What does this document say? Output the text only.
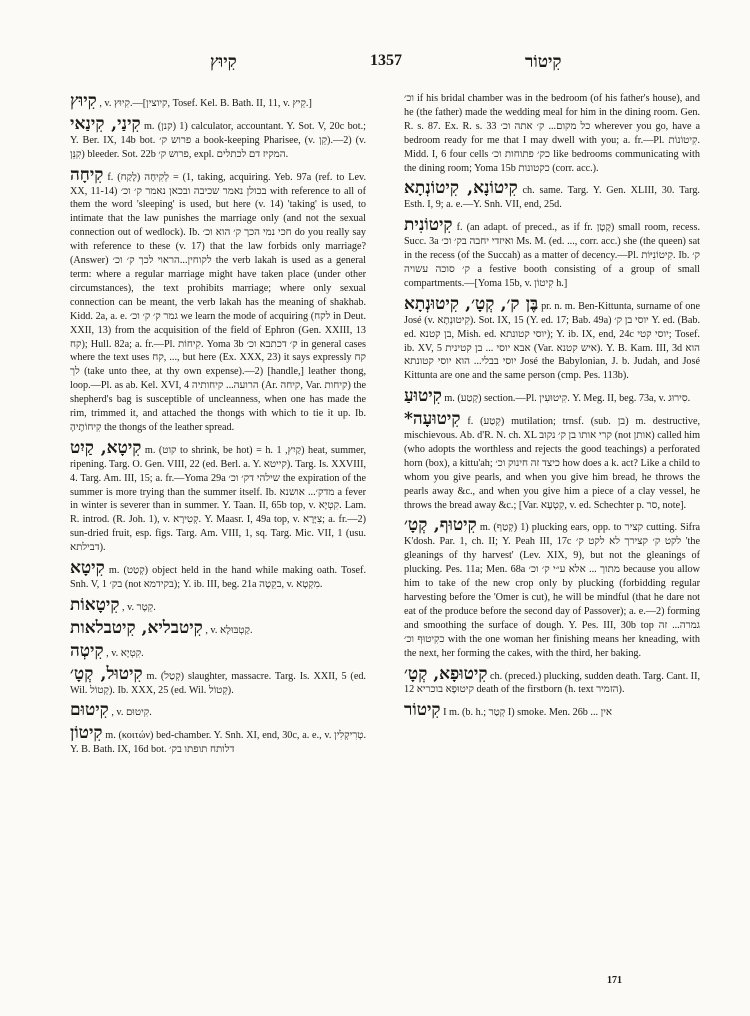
קִיוּץ	1357	קִיטוֹר

קִיוּץ , v. קִיוּץ.—[קיוצין, Tosef. Kel. B. Bath. II, 11, v. קֵיץ.]

קִינַי, קִינַאי m. (קנן) 1) calculator, accountant. Y. Sot. V, 20c bot.; Y. Ber. IX, 14b bot. פרוש ק׳ a book-keeping Pharisee, (v. קֵן).—2) (v. קִנֵּן) bleeder. Sot. 22b פרוש ק׳, expl. המקיז דם לכתלים.

קִיחָה f. (לָקַח) 1) = לְקִיחָה, taking, acquiring. Yeb. 97a (ref. to Lev. XX, 11-14) בכולן נאמר שכיבה ובכאן נאמר ק׳ וכ׳ with reference to all of them the word 'sleeping' is used, but here (v. 14) 'taking' is used, to intimate that the law punishes the marriage only (and not the sexual connection out of wedlock). Ib. חכי נמי הכך ק׳ הוא וכ׳ do you really say with reference to these (v. 17) that the law forbids only marriage? (Answer) לקוחין...הראוי לכך ק׳ וכ׳ the verb lakah is used as a general term: where a regular marriage might have taken place (under other circumstances), the text prohibits marriage; where only sexual connection can be meant, the verb lakah has the meaning of shakhab. Kidd. 2a, a. e. גמר ק׳ ק׳ וכ׳ we learn the mode of acquiring (לקח in Deut. XXII, 13) from the acquisition of the field of Ephron (Gen. XXIII, 13 קח); Hull. 82a; a. fr.—Pl. קִיחוֹת. Yoma 3b ק׳ דכתבא וכ׳ in general cases where the text uses קח, ..., but here (Ex. XXX, 23) it says expressly קח לך (take unto thee, at thy own expense).—2) [handle,] leather thong, loop.—Pl. as ab. Kel. XVI, 4 הרועה... קיחותיה (Ar. קיחה, Var. קיחות) the shepherd's bag is susceptible of uncleanness, when one has made the rim, trimmed it, and attached the thongs with which to tie it up. Ib. קִיחוֹתֶיהָ the thongs of the leather spread.

קִיטָא, קַיִט m. (קוט to shrink, be hot) = h. קַיִץ, 1) heat, summer, ripening. Targ. O. Gen. VIII, 22 (ed. Berl. a. Y. קייטא). Targ. Is. XXVIII, 4. Targ. Am. III, 15; a. fr.—Yoma 29a שילהי דק׳ וכ׳ the expiration of the summer is more trying than the summer itself. Ib. מדק׳... אושנא a fever in winter is severer than in summer. Y. Taan. II, 65b top, v. קִטְיָא. Lam. R. introd. (R. Joh. 1), v. קְטִירָא. Y. Maasr. I, 49a top, v. צִיָּרָא; a. fr.—2) sun-dried fruit, esp. figs. Targ. Am. VIII, 1, sq. Targ. Mic. VII, 1 (usu. דבילתא).

קִיטָא m. (קְטַט) object held in the hand while making oath. Tosef. Snh. V, 1 בק׳ (not בקידמא); Y. ib. III, beg. 21a בקֵטָה, v. מִקְטָא.

קִיטָאוֹת , v. קֵטֶר.

קִיטבליא, קִיטבלאות , v. קַטְבּוּלָא.

קִיטְה , v. קִטְיָא.

קִיטוּל, קְטָ׳ m. (קְטַל) slaughter, massacre. Targ. Is. XXII, 5 (ed. Wil. קְטוֹל). Ib. XXX, 25 (ed. Wil. קְטוֹל).

קִיטוּם , v. קִיטוּם.

קִיטוֹן m. (κοιτών) bed-chamber. Y. Snh. XI, end, 30c, a. e., v. טְרִיקְלִין. Y. B. Bath. IX, 16d bot. דלותח תופתו בק׳

וכ׳ if his bridal chamber was in the bedroom (of his father's house), and he (the father) made the wedding meal for him in the dining room. Gen. R. s. 87. Ex. R. s. 33 כל מקום... ק׳ אתה וכ׳ wherever you go, have a bedroom ready for me that I may dwell with you; a. fr.—Pl. קִיטוֹנוֹת. Midd. I, 6 four cells כק׳ פתוחות וכ׳ like bedrooms communicating with the dining room; Yoma 15b כקטונות (corr. acc.).

קִיטוֹנָא, קִיטוֹנְתָא ch. same. Targ. Y. Gen. XLIII, 30. Targ. Esth. I, 9; a. e.—Y. Snh. VII, end, 25d.

קִיטוֹנִית f. (an adapt. of preced., as if fr. קָטָן) small room, recess. Succ. 3a ואיזדי יחבה בק׳ וכ׳ Ms. M. (ed. ..., corr. acc.) she (the queen) sat in the recess (of the Succah) as a matter of decency.—Pl. קִיטוֹנִיּוֹת. Ib. ק׳ ק׳ סוכה עשויה a festive booth consisting of a group of small compartments.—[Yoma 15b, v. קִיטוֹן h.]

בֶּן ק׳, קְטָ׳, קִיטוּנְתָא pr. n. m. Ben-Kittunta, surname of one José (v. קִיטוּנְתָא). Sot. IX, 15 (Y. ed. 17; Bab. 49a) יוסי בן ק׳ Y. ed. (Bab. ed. בן קטנא, Mish. ed. יוסי קטונתא); Y. ib. IX, end, 24c יוסי קטי; Tosef. ib. XV, 5 אבא יוסי ... בן קטינית (Var. איש קטנא). Y. B. Kam. III, 3d הוא יוסי בבלי... הוא יוסי קטונתא José the Babylonian, J. b. Judah, and José Kittunta are one and the same person (cmp. Pes. 113b).

קִיטוּעַ m. (קְטַע) section.—Pl. קִיטוּעִין. Y. Meg. II, beg. 73a, v. סִירוּג.

*קִיטוּעָה f. (קְטַע) mutilation; trnsf. (sub. בן) m. destructive, mischievous. Ab. d'R. N. ch. XL קרי אותו בן ק׳ נקוב (not אותן) called him (who adopts the worthless and rejects the good teachings) a perforated horn (box), a kittu'ah; כיצד זה חינוק וכ׳ how does a k. act? Like a child to whom you give pearls, and when you give him bread, he throws the pearls away &c., and when you give him a piece of a clay vessel, he throws the bread away &c.; [Var. קִטְעָא, v. ed. Schechter p. סר, note].

קִיטוּף, קְטָ׳ m. (קְטַף) 1) plucking ears, opp. to קציר cutting. Sifra K'dosh. Par. 1, ch. II; Y. Peah III, 17c לקט ק׳ קצירך לא לקט ק׳ 'the gleanings of thy harvest' (Lev. XIX, 9), but not the gleanings of plucking. Pes. 11a; Men. 68a מתוך ... אלא ע״י ק׳ וכ׳ because you allow him to take of the new crop only by plucking (forbidding regular harvesting before the 'Omer is cut), he will be mindful (that he dare not eat of the produce before the second day of Passover); a. e.—2) forming and smoothing the surface of dough. Y. Pes. III, 30b top גמרה... זה כקִיטוּף וכ׳ with the one woman her finishing means her kneading, with the next, her forming the cakes, with the third, her baking.

קִיטוּפָא, קְטָ׳ ch. (preced.) plucking, sudden death. Targ. Cant. II, 12 קיטוּפָא בוכריא death of the firstborn (h. text הזמיר).

קִיטוֹר I m. (b. h.; קְטַר I) smoke. Men. 26b ... אין

171
